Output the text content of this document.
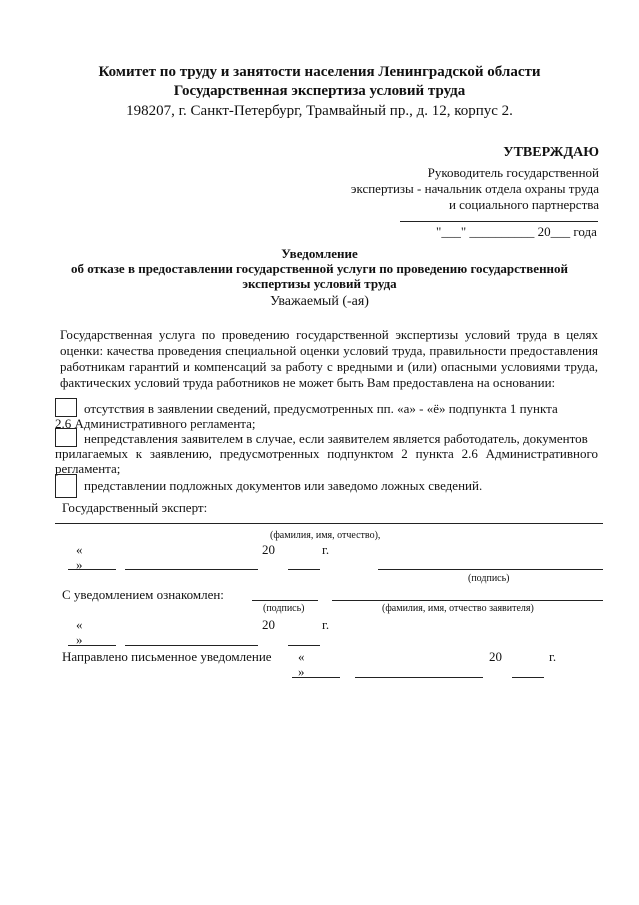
Комитет по труду и занятости населения Ленинградской области
Государственная экспертиза условий труда
198207, г. Санкт-Петербург, Трамвайный пр., д. 12, корпус 2.
УТВЕРЖДАЮ
Руководитель государственной
экспертизы - начальник отдела охраны труда
и социального партнерства
"___" __________ 20___ года
Уведомление
об отказе в предоставлении государственной услуги по проведению государственной
экспертизы условий труда
Уважаемый (-ая)
Государственная услуга по проведению государственной экспертизы условий труда в целях
оценки: качества проведения специальной оценки условий труда, правильности предоставления
работникам гарантий и компенсаций за работу с вредными и (или) опасными условиями труда,
фактических условий труда работников не может быть Вам предоставлена на основании:
отсутствия в заявлении сведений, предусмотренных пп. «а» - «ё» подпункта 1 пункта
2.6 Административного регламента;
непредставления заявителем в случае, если заявителем является работодатель, документов
прилагаемых к заявлению, предусмотренных подпунктом 2 пункта 2.6 Административного
регламента;
представлении подложных документов или заведомо ложных сведений.
Государственный эксперт:
(фамилия, имя, отчество),
«	20	г.
»
(подпись)
С уведомлением ознакомлен:
(подпись)	(фамилия, имя, отчество заявителя)
«	20	г.
»
Направлено письменное уведомление «	20	г.
»
